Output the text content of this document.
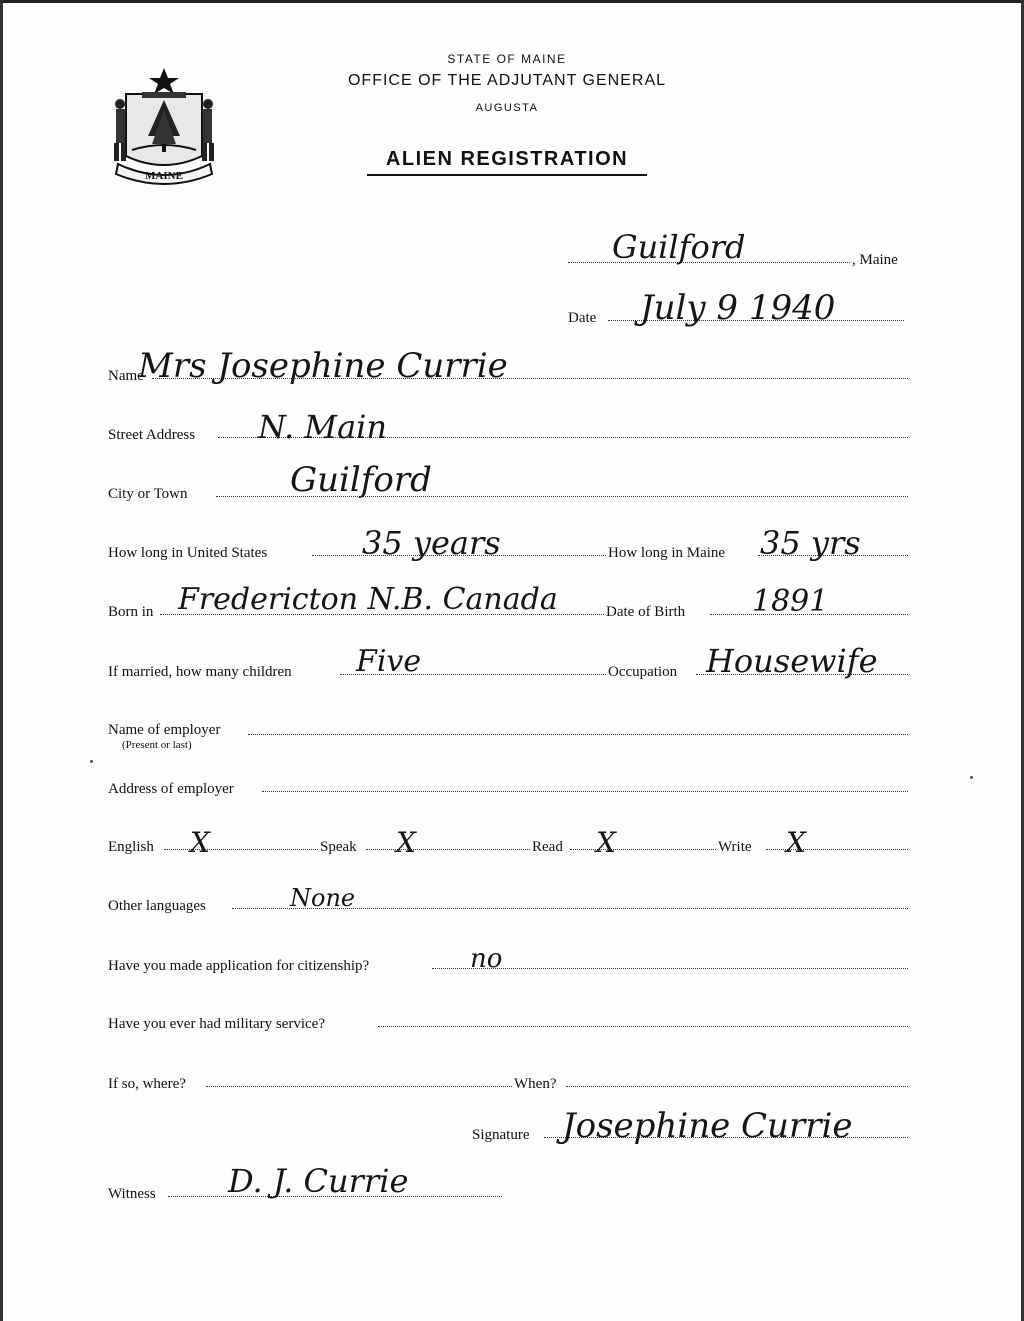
MAINE
STATE OF MAINE
OFFICE OF THE ADJUTANT GENERAL
AUGUSTA
ALIEN REGISTRATION
, Maine
Guilford
Date July 9 1940
Name
Mrs Josephine Currie
Street Address N. Main
City or Town	Guilford
How long in United States	35 years	How long in Maine 35 yrs
Born in Fredericton N.B. Canada	Date of Birth 1891
If married, how many children Five	Occupation Housewife
Name of employer
(Present or last)
Address of employer
English X	Speak X	Read X	Write X
Other languages	None
Have you made application for citizenship?	no
Have you ever had military service?
If so, where?	When?
Signature Josephine Currie
Witness D. J. Currie
